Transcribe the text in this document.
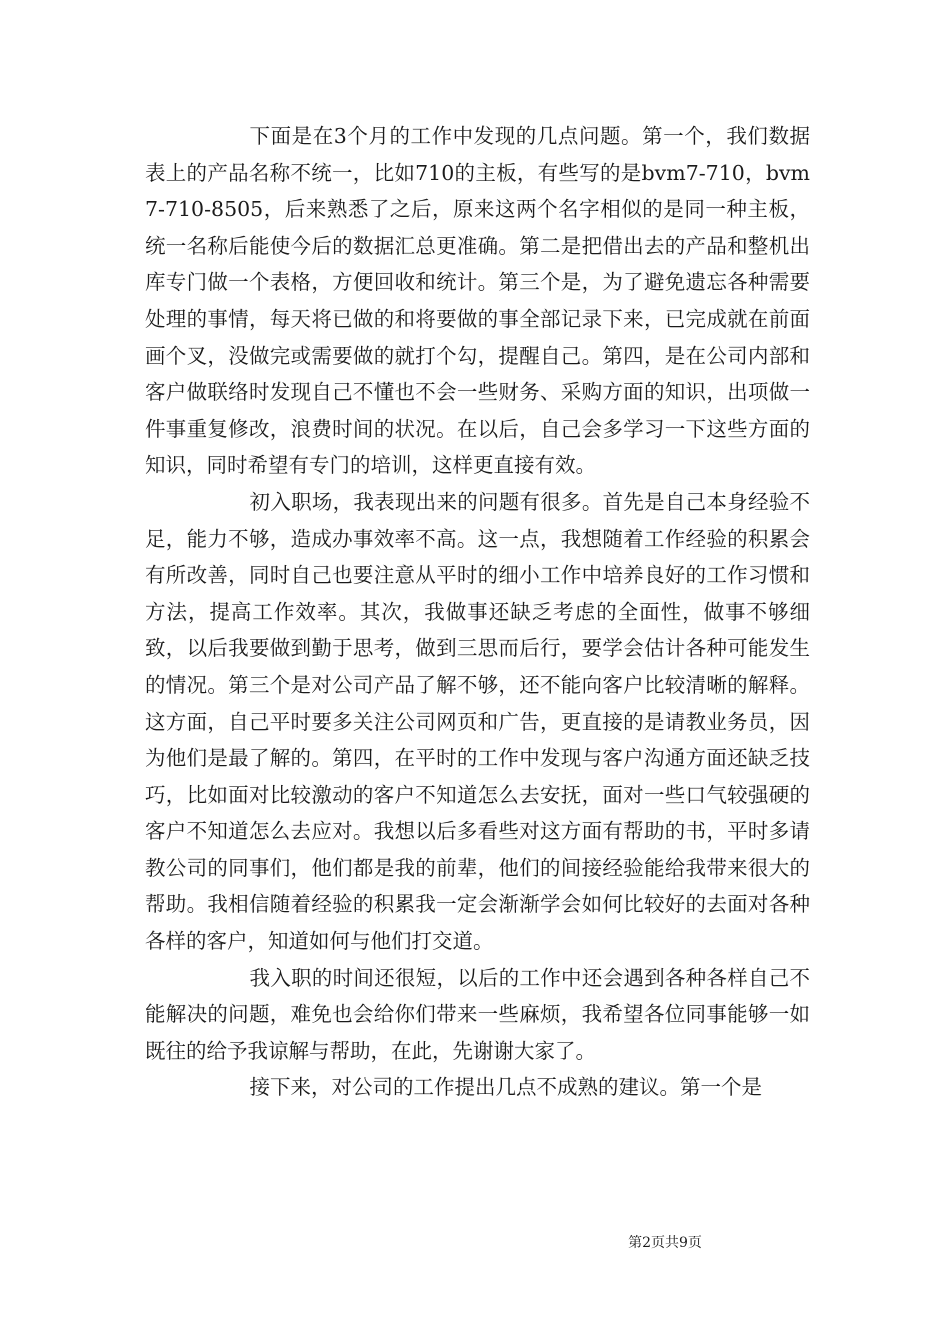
下面是在3个月的工作中发现的几点问题。第一个，我们数据表上的产品名称不统一，比如710的主板，有些写的是bvm7-710，bvm7-710-8505，后来熟悉了之后，原来这两个名字相似的是同一种主板，统一名称后能使今后的数据汇总更准确。第二是把借出去的产品和整机出库专门做一个表格，方便回收和统计。第三个是，为了避免遗忘各种需要处理的事情，每天将已做的和将要做的事全部记录下来，已完成就在前面画个叉，没做完或需要做的就打个勾，提醒自己。第四，是在公司内部和客户做联络时发现自己不懂也不会一些财务、采购方面的知识，出项做一件事重复修改，浪费时间的状况。在以后，自己会多学习一下这些方面的知识，同时希望有专门的培训，这样更直接有效。

初入职场，我表现出来的问题有很多。首先是自己本身经验不足，能力不够，造成办事效率不高。这一点，我想随着工作经验的积累会有所改善，同时自己也要注意从平时的细小工作中培养良好的工作习惯和方法，提高工作效率。其次，我做事还缺乏考虑的全面性，做事不够细致，以后我要做到勤于思考，做到三思而后行，要学会估计各种可能发生的情况。第三个是对公司产品了解不够，还不能向客户比较清晰的解释。这方面，自己平时要多关注公司网页和广告，更直接的是请教业务员，因为他们是最了解的。第四，在平时的工作中发现与客户沟通方面还缺乏技巧，比如面对比较激动的客户不知道怎么去安抚，面对一些口气较强硬的客户不知道怎么去应对。我想以后多看些对这方面有帮助的书，平时多请教公司的同事们，他们都是我的前辈，他们的间接经验能给我带来很大的帮助。我相信随着经验的积累我一定会渐渐学会如何比较好的去面对各种各样的客户，知道如何与他们打交道。

我入职的时间还很短，以后的工作中还会遇到各种各样自己不能解决的问题，难免也会给你们带来一些麻烦，我希望各位同事能够一如既往的给予我谅解与帮助，在此，先谢谢大家了。

接下来，对公司的工作提出几点不成熟的建议。第一个是

第2页共9页
